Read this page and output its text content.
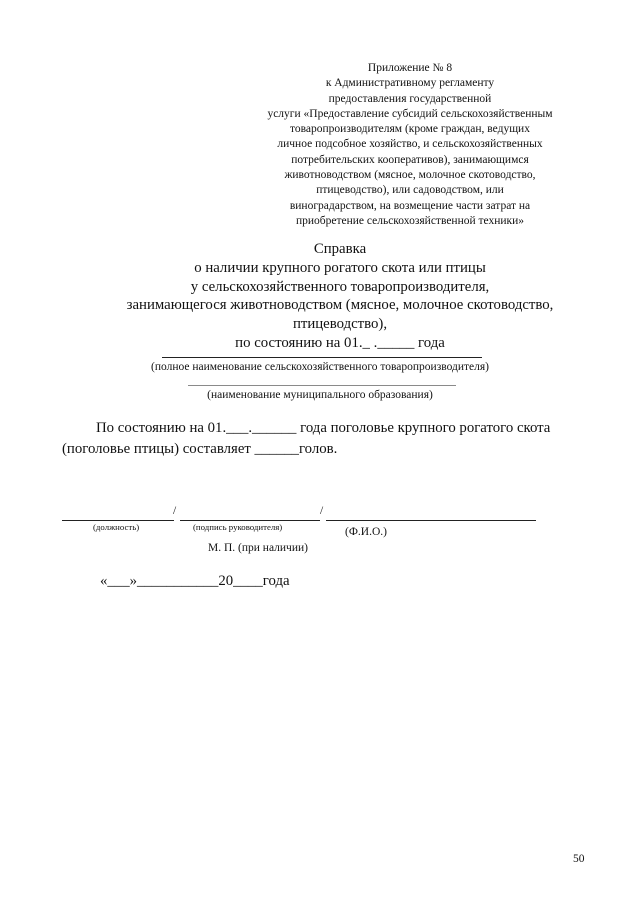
Приложение № 8
к Административному регламенту
предоставления государственной
услуги «Предоставление субсидий сельскохозяйственным
товаропроизводителям (кроме граждан, ведущих
личное подсобное хозяйство, и сельскохозяйственных
потребительских кооперативов), занимающимся
животноводством (мясное, молочное скотоводство,
птицеводство), или садоводством, или
виноградарством, на возмещение части затрат на
приобретение сельскохозяйственной техники»
Справка
о наличии крупного рогатого скота или птицы
у сельскохозяйственного товаропроизводителя,
занимающегося животноводством (мясное, молочное скотоводство,
птицеводство),
по состоянию на 01._ ._____ года
(полное наименование сельскохозяйственного товаропроизводителя)
(наименование муниципального образования)
По состоянию на 01.___.______ года поголовье крупного рогатого скота
(поголовье птицы) составляет ______голов.
/	/
(должность)	(подпись руководителя)	(Ф.И.О.)
М. П. (при наличии)
«___»___________20____года
50
